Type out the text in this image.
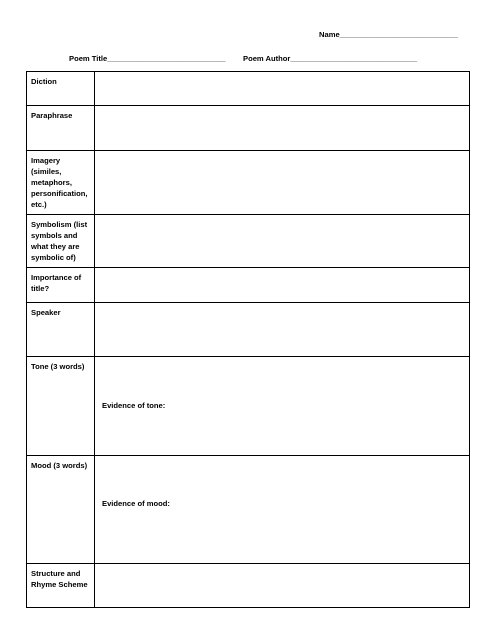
Name____________________________
Poem Title____________________________ Poem Author______________________________
Diction	

Paraphrase	

Imagery (similes, metaphors, personification, etc.)	

Symbolism (list symbols and what they are symbolic of)	

Importance of title?	

Speaker	

Tone (3 words)	Evidence of tone:

Mood (3 words)	Evidence of mood:

Structure and Rhyme Scheme	
